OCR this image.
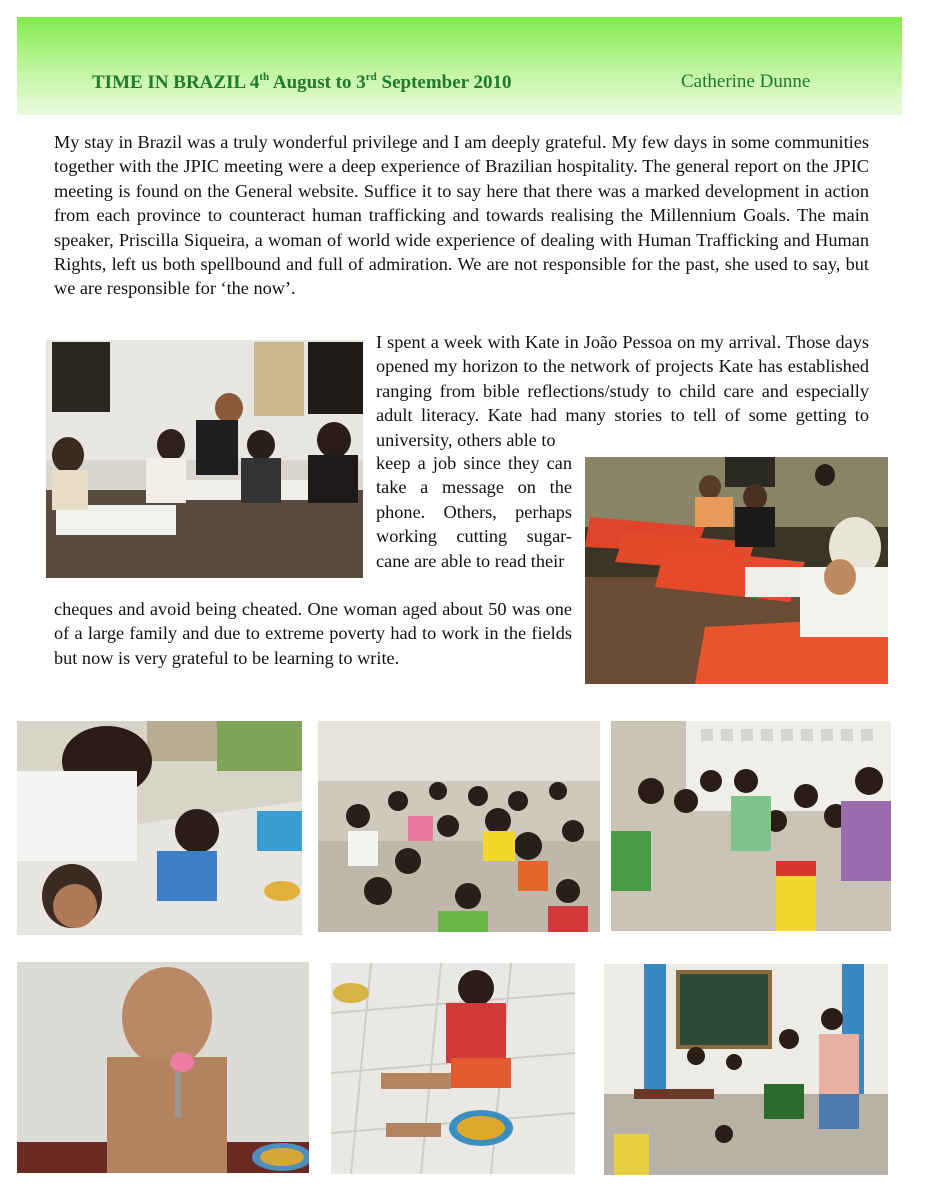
TIME IN BRAZIL 4th August to 3rd September 2010	Catherine Dunne
My stay in Brazil was a truly wonderful privilege and I am deeply grateful. My few days in some communities together with the JPIC meeting were a deep experience of Brazilian hospitality. The general report on the JPIC meeting is found on the General website. Suffice it to say here that there was a marked development in action from each province to counteract human trafficking and towards realising the Millennium Goals. The main speaker, Priscilla Siqueira, a woman of world wide experience of dealing with Human Trafficking and Human Rights, left us both spellbound and full of admiration. We are not responsible for the past, she used to say, but we are responsible for ‘the now’.
I spent a week with Kate in João Pessoa on my arrival. Those days opened my horizon to the network of projects Kate has established ranging from bible reflections/study to child care and especially adult literacy. Kate had many stories to tell of some getting to university, others able to
keep a job since they can take a message on the phone. Others, perhaps working cutting sugar-cane are able to read their
cheques and avoid being cheated. One woman aged about 50 was one of a large family and due to extreme poverty had to work in the fields but now is very grateful to be learning to write.
